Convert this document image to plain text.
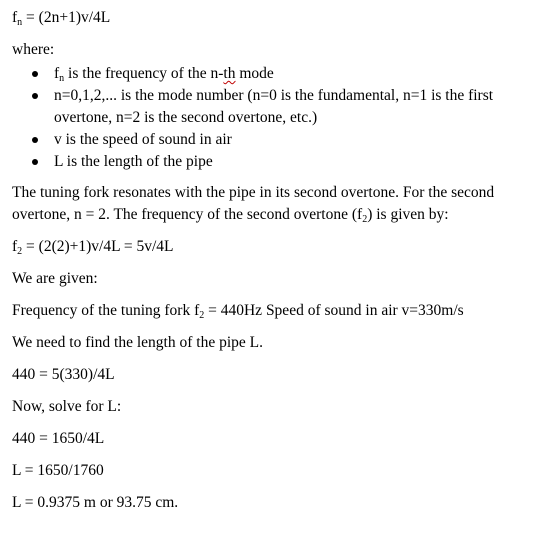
$f_n = (2n+1)v/4L$

where:

$f_n$ is the frequency of the n-th mode
n=0,1,2,... is the mode number (n=0 is the fundamental, n=1 is the first overtone, n=2 is the second overtone, etc.)
v is the speed of sound in air
L is the length of the pipe

The tuning fork resonates with the pipe in its second overtone. For the second overtone, n = 2. The frequency of the second overtone $(f_2)$ is given by:

$f_2 = (2(2)+1)v/4L = 5v/4L$

We are given:

Frequency of the tuning fork $f_2 = 440Hz$ Speed of sound in air v=330m/s

We need to find the length of the pipe L.

440 = 5(330)/4L

Now, solve for L:

440 = 1650/4L

L = 1650/1760

L = 0.9375 m or 93.75 cm.
